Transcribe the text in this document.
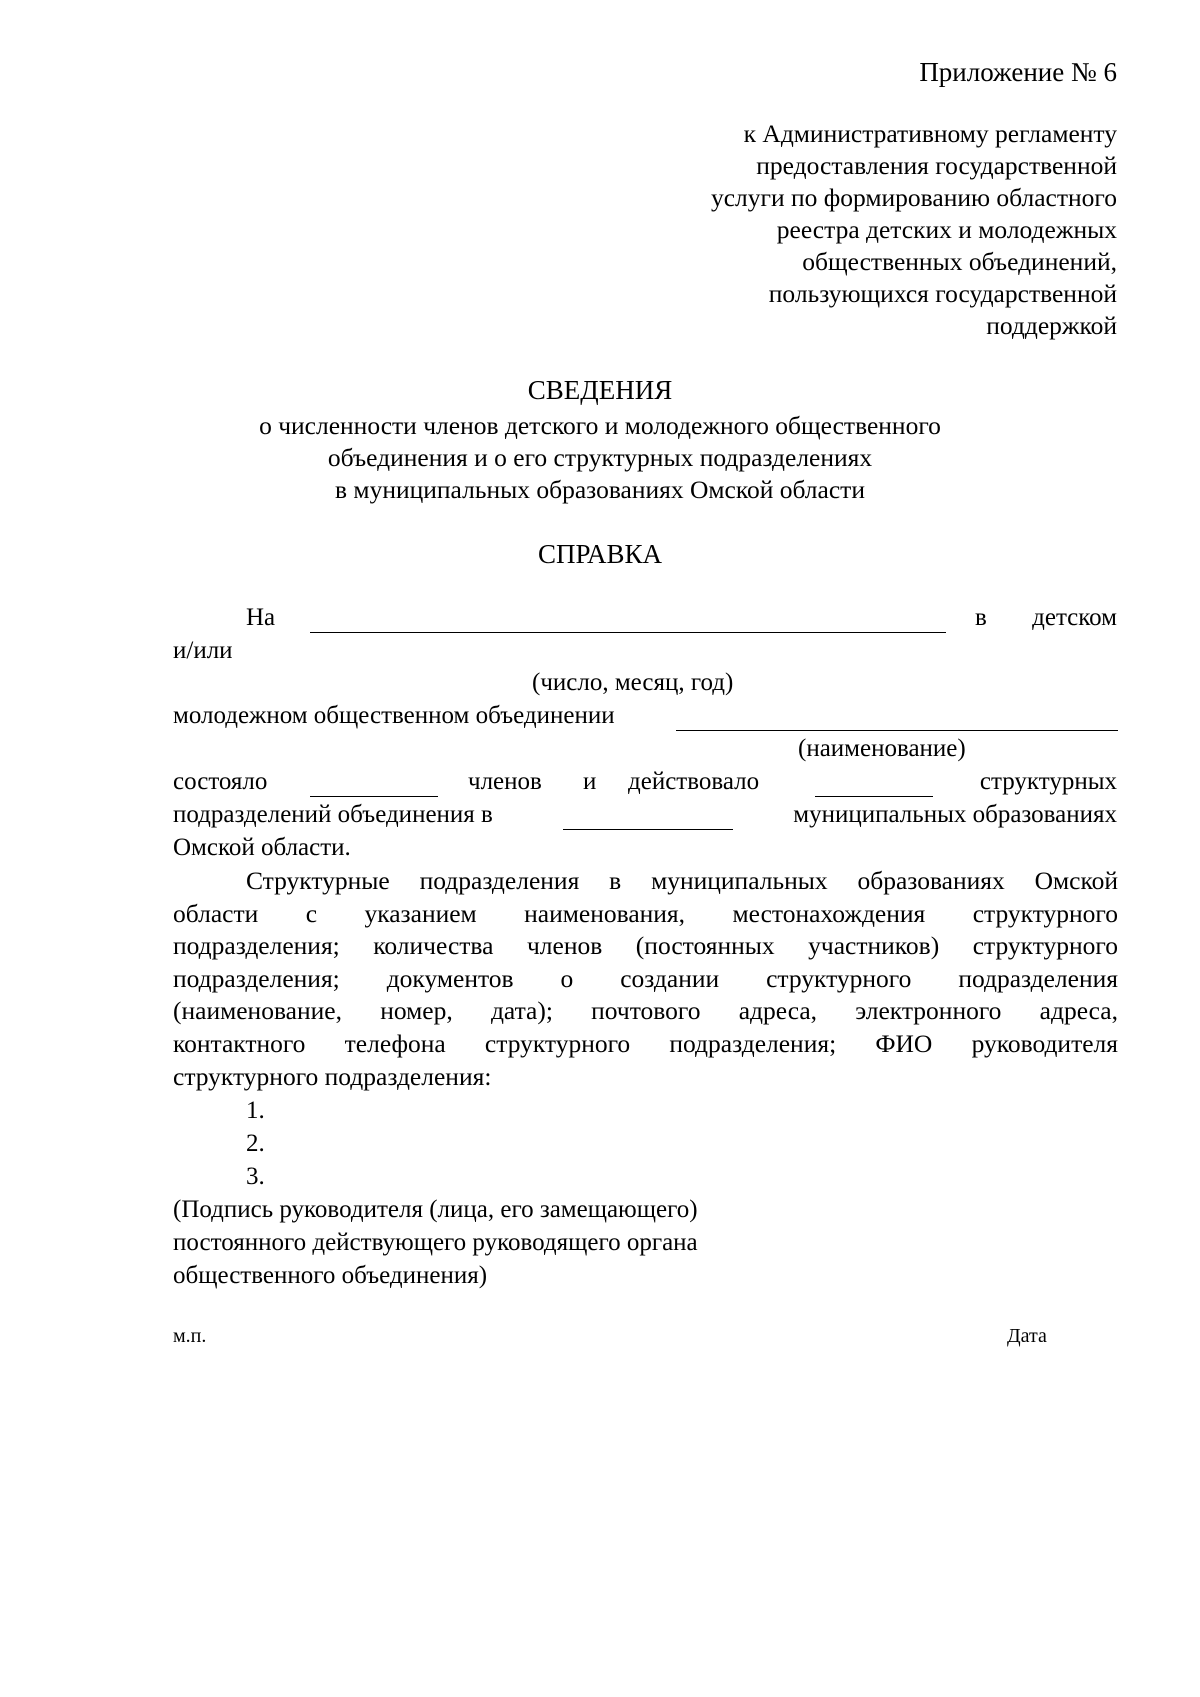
Приложение № 6
к Административному регламенту
предоставления государственной
услуги по формированию областного
реестра детских и молодежных
общественных объединений,
пользующихся государственной
поддержкой
СВЕДЕНИЯ
о численности членов детского и молодежного общественного
объединения и о его структурных подразделениях
в муниципальных образованиях Омской области
СПРАВКА
На	в детском
и/или
(число, месяц, год)
молодежном общественном объединении
(наименование)
состояло	членов и действовало	структурных
подразделений объединения в	муниципальных образованиях
Омской области.
Структурные подразделения в муниципальных образованиях Омской
области с указанием наименования, местонахождения структурного
подразделения; количества членов (постоянных участников) структурного
подразделения; документов о создании структурного подразделения
(наименование, номер, дата); почтового адреса, электронного адреса,
контактного телефона структурного подразделения; ФИО руководителя
структурного подразделения:
1.
2.
3.
(Подпись руководителя (лица, его замещающего)
постоянного действующего руководящего органа
общественного объединения)
м.п.	Дата
